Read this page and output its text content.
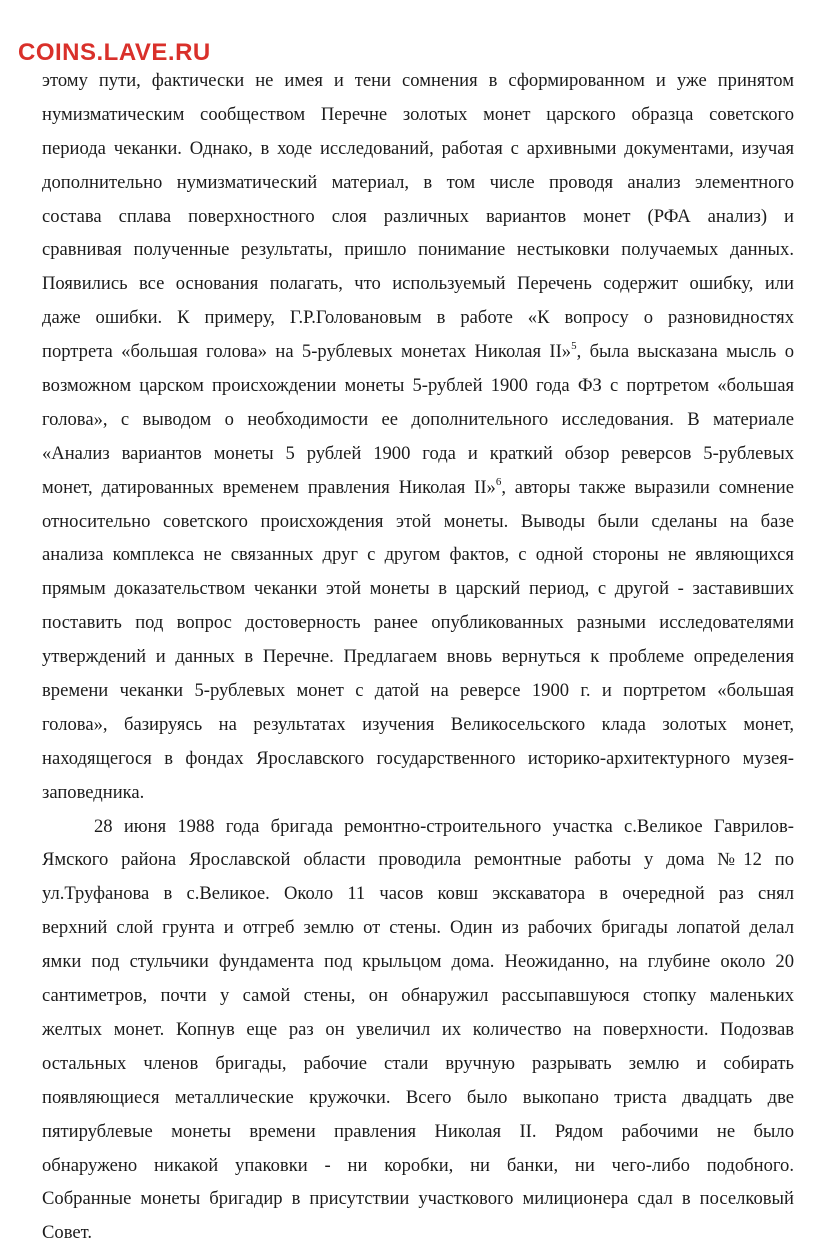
COINS.LAVE.RU
этому пути, фактически не имея и тени сомнения в сформированном и уже принятом
нумизматическим сообществом Перечне золотых монет царского образца советского
периода чеканки. Однако, в ходе исследований, работая с архивными документами, изучая
дополнительно нумизматический материал, в том числе проводя анализ элементного
состава сплава поверхностного слоя различных вариантов монет (РФА анализ) и
сравнивая полученные результаты, пришло понимание нестыковки получаемых данных.
Появились все основания полагать, что используемый Перечень содержит ошибку, или
даже ошибки. К примеру, Г.Р.Головановым в работе «К вопросу о разновидностях
портрета «большая голова» на 5-рублевых монетах Николая II»$^5$, была высказана мысль о
возможном царском происхождении монеты 5-рублей 1900 года ФЗ с портретом «большая
голова», с выводом о необходимости ее дополнительного исследования. В материале
«Анализ вариантов монеты 5 рублей 1900 года и краткий обзор реверсов 5-рублевых
монет, датированных временем правления Николая II»$^6$, авторы также выразили сомнение
относительно советского происхождения этой монеты. Выводы были сделаны на базе
анализа комплекса не связанных друг с другом фактов, с одной стороны не являющихся
прямым доказательством чеканки этой монеты в царский период, с другой - заставивших
поставить под вопрос достоверность ранее опубликованных разными исследователями
утверждений и данных в Перечне. Предлагаем вновь вернуться к проблеме определения
времени чеканки 5-рублевых монет с датой на реверсе 1900 г. и портретом «большая
голова», базируясь на результатах изучения Великосельского клада золотых монет,
находящегося в фондах Ярославского государственного историко-архитектурного музея-
заповедника.
28 июня 1988 года бригада ремонтно-строительного участка с.Великое Гаврилов-
Ямского района Ярославской области проводила ремонтные работы у дома №12 по
ул.Труфанова в с.Великое. Около 11 часов ковш экскаватора в очередной раз снял
верхний слой грунта и отгреб землю от стены. Один из рабочих бригады лопатой делал
ямки под стульчики фундамента под крыльцом дома. Неожиданно, на глубине около 20
сантиметров, почти у самой стены, он обнаружил рассыпавшуюся стопку маленьких
желтых монет. Копнув еще раз он увеличил их количество на поверхности. Подозвав
остальных членов бригады, рабочие стали вручную разрывать землю и собирать
появляющиеся металлические кружочки. Всего было выкопано триста двадцать две
пятирублевые монеты времени правления Николая II. Рядом рабочими не было
обнаружено никакой упаковки - ни коробки, ни банки, ни чего-либо подобного.
Собранные монеты бригадир в присутствии участкового милиционера сдал в поселковый
Совет.
